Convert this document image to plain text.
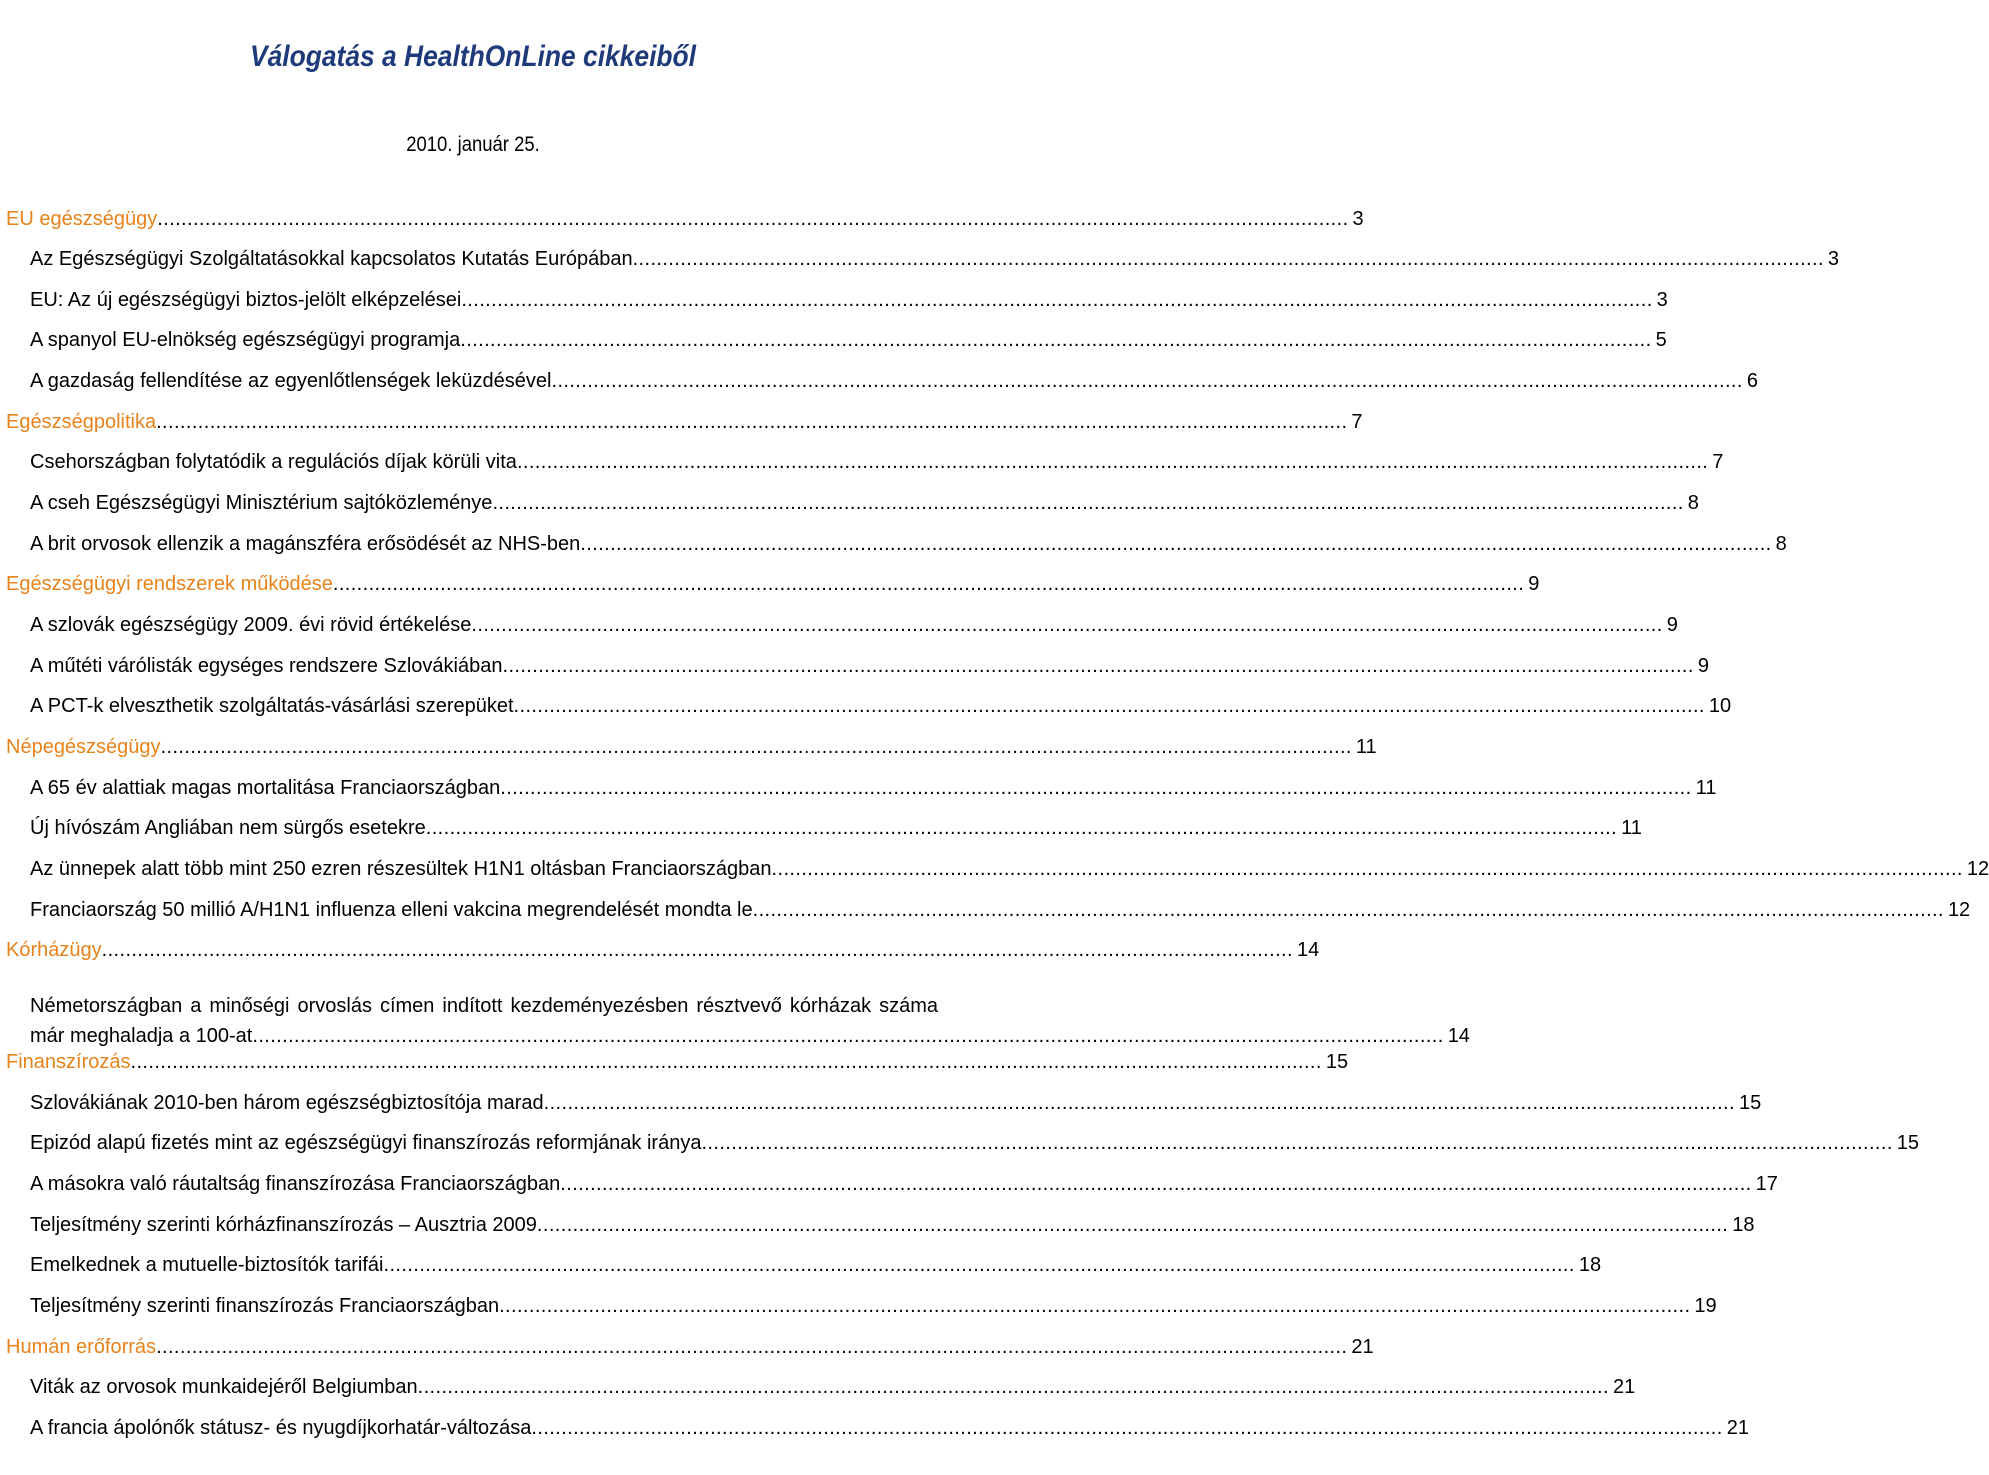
Válogatás a HealthOnLine cikkeiből
2010. január 25.
EU egészségügy ........................................................................................................................................................................................................ 3
Az Egészségügyi Szolgáltatásokkal kapcsolatos Kutatás Európában ........................................................................................................................................................................................................ 3
EU: Az új egészségügyi biztos-jelölt elképzelései ........................................................................................................................................................................................................ 3
A spanyol EU-elnökség egészségügyi programja ........................................................................................................................................................................................................ 5
A gazdaság fellendítése az egyenlőtlenségek leküzdésével ........................................................................................................................................................................................................ 6
Egészségpolitika ........................................................................................................................................................................................................ 7
Csehországban folytatódik a regulációs díjak körüli vita ........................................................................................................................................................................................................ 7
A cseh Egészségügyi Minisztérium sajtóközleménye ........................................................................................................................................................................................................ 8
A brit orvosok ellenzik a magánszféra erősödését az NHS-ben ........................................................................................................................................................................................................ 8
Egészségügyi rendszerek működése ........................................................................................................................................................................................................ 9
A szlovák egészségügy 2009. évi rövid értékelése ........................................................................................................................................................................................................ 9
A műtéti várólisták egységes rendszere Szlovákiában ........................................................................................................................................................................................................ 9
A PCT-k elveszthetik szolgáltatás-vásárlási szerepüket ........................................................................................................................................................................................................ 10
Népegészségügy ........................................................................................................................................................................................................ 11
A 65 év alattiak magas mortalitása Franciaországban ........................................................................................................................................................................................................ 11
Új hívószám Angliában nem sürgős esetekre ........................................................................................................................................................................................................ 11
Az ünnepek alatt több mint 250 ezren részesültek H1N1 oltásban Franciaországban ........................................................................................................................................................................................................ 12
Franciaország 50 millió A/H1N1 influenza elleni vakcina megrendelését mondta le ........................................................................................................................................................................................................ 12
Kórházügy ........................................................................................................................................................................................................ 14
Németországban a minőségi orvoslás címen indított kezdeményezésben résztvevő kórházak száma
már meghaladja a 100-at ........................................................................................................................................................................................................ 14
Finanszírozás ........................................................................................................................................................................................................ 15
Szlovákiának 2010-ben három egészségbiztosítója marad ........................................................................................................................................................................................................ 15
Epizód alapú fizetés mint az egészségügyi finanszírozás reformjának iránya ........................................................................................................................................................................................................ 15
A másokra való ráutaltság finanszírozása Franciaországban ........................................................................................................................................................................................................ 17
Teljesítmény szerinti kórházfinanszírozás – Ausztria 2009 ........................................................................................................................................................................................................ 18
Emelkednek a mutuelle-biztosítók tarifái ........................................................................................................................................................................................................ 18
Teljesítmény szerinti finanszírozás Franciaországban ........................................................................................................................................................................................................ 19
Humán erőforrás ........................................................................................................................................................................................................ 21
Viták az orvosok munkaidejéről Belgiumban ........................................................................................................................................................................................................ 21
A francia ápolónők státusz- és nyugdíjkorhatár-változása ........................................................................................................................................................................................................ 21
